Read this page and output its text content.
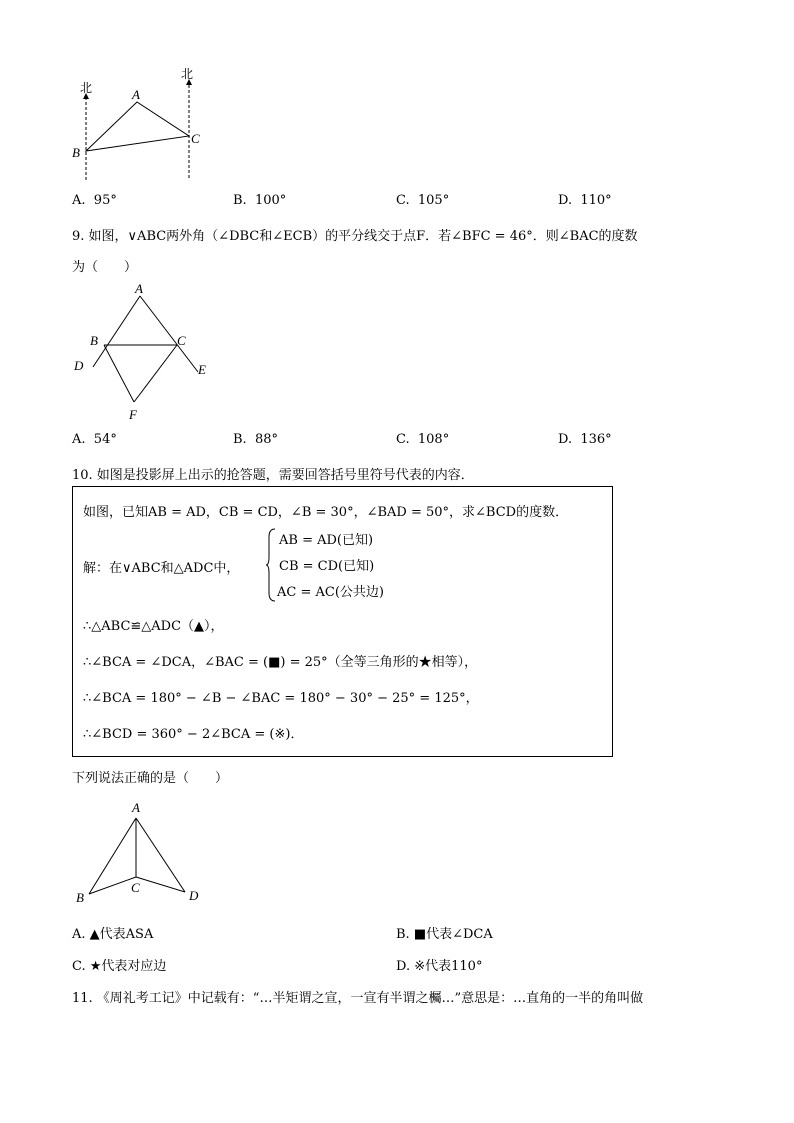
北
北
A
B
C
A. 95°	B. 100°	C. 105°	D. 110°
9. 如图，∨ABC两外角（∠DBC和∠ECB）的平分线交于点F．若∠BFC = 46°．则∠BAC的度数
为（　　）
A
B	C
D	E
F
A. 54°	B. 88°	C. 108°	D. 136°
10. 如图是投影屏上出示的抢答题，需要回答括号里符号代表的内容．
如图，已知AB = AD，CB = CD，∠B = 30°，∠BAD = 50°，求∠BCD的度数．
解：在∨ABC和△ADC中，
AB = AD(已知)
CB = CD(已知)
AC = AC(公共边)
∴△ABC≌△ADC（▲），
∴∠BCA = ∠DCA，∠BAC = (■) = 25°（全等三角形的★相等），
∴∠BCA = 180° − ∠B − ∠BAC = 180° − 30° − 25° = 125°，
∴∠BCD = 360° − 2∠BCA = (※)．
下列说法正确的是（　　）
A
B
C
D
A. ▲代表ASA	B. ■代表∠DCA
C. ★代表对应边	D. ※代表110°
11. 《周礼考工记》中记载有：“…半矩谓之宣，一宣有半谓之欘…”意思是：…直角的一半的角叫做
